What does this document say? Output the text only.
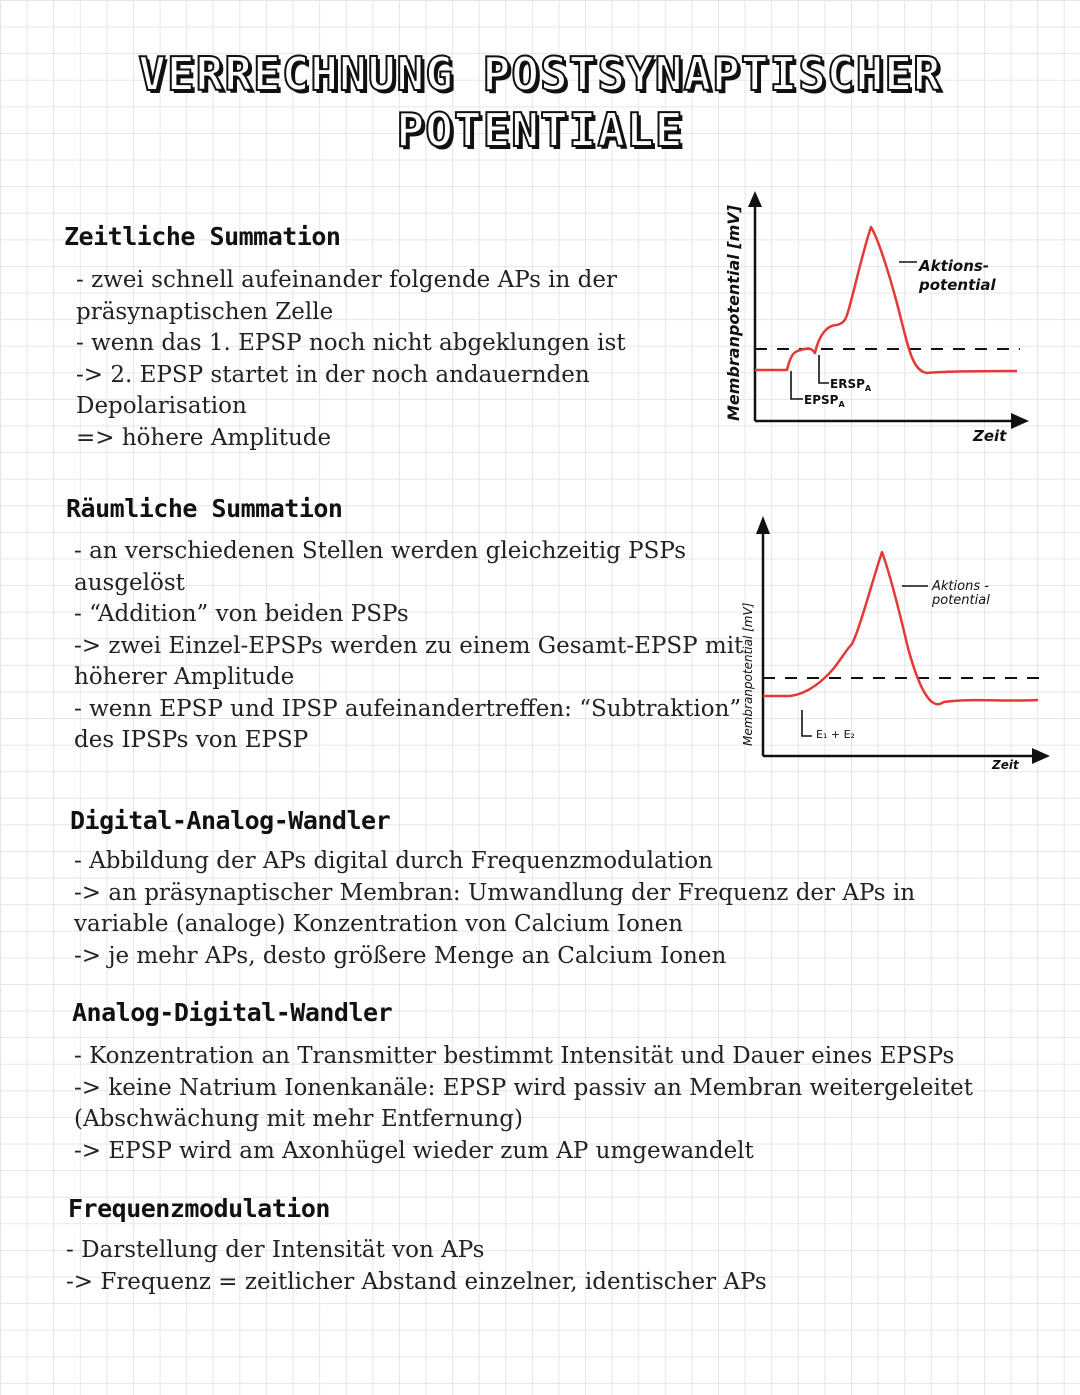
VERRECHNUNG POSTSYNAPTISCHER
POTENTIALE
Zeitliche Summation
- zwei schnell aufeinander folgende APs in der
präsynaptischen Zelle
- wenn das 1. EPSP noch nicht abgeklungen ist
-> 2. EPSP startet in der noch andauernden
Depolarisation
=> höhere Amplitude
Räumliche Summation
- an verschiedenen Stellen werden gleichzeitig PSPs
ausgelöst
- “Addition” von beiden PSPs
-> zwei Einzel-EPSPs werden zu einem Gesamt-EPSP mit
höherer Amplitude
- wenn EPSP und IPSP aufeinandertreffen: “Subtraktion”
des IPSPs von EPSP
Digital-Analog-Wandler
- Abbildung der APs digital durch Frequenzmodulation
-> an präsynaptischer Membran: Umwandlung der Frequenz der APs in
variable (analoge) Konzentration von Calcium Ionen
-> je mehr APs, desto größere Menge an Calcium Ionen
Analog-Digital-Wandler
- Konzentration an Transmitter bestimmt Intensität und Dauer eines EPSPs
-> keine Natrium Ionenkanäle: EPSP wird passiv an Membran weitergeleitet
(Abschwächung mit mehr Entfernung)
-> EPSP wird am Axonhügel wieder zum AP umgewandelt
Frequenzmodulation
- Darstellung der Intensität von APs
-> Frequenz = zeitlicher Abstand einzelner, identischer APs
Membranpotential [mV]
Zeit
Aktions-
potential
$ERSP_A$
$EPSP_A$
Membranpotential [mV]
Zeit
Aktions -
potential
E₁ + E₂
